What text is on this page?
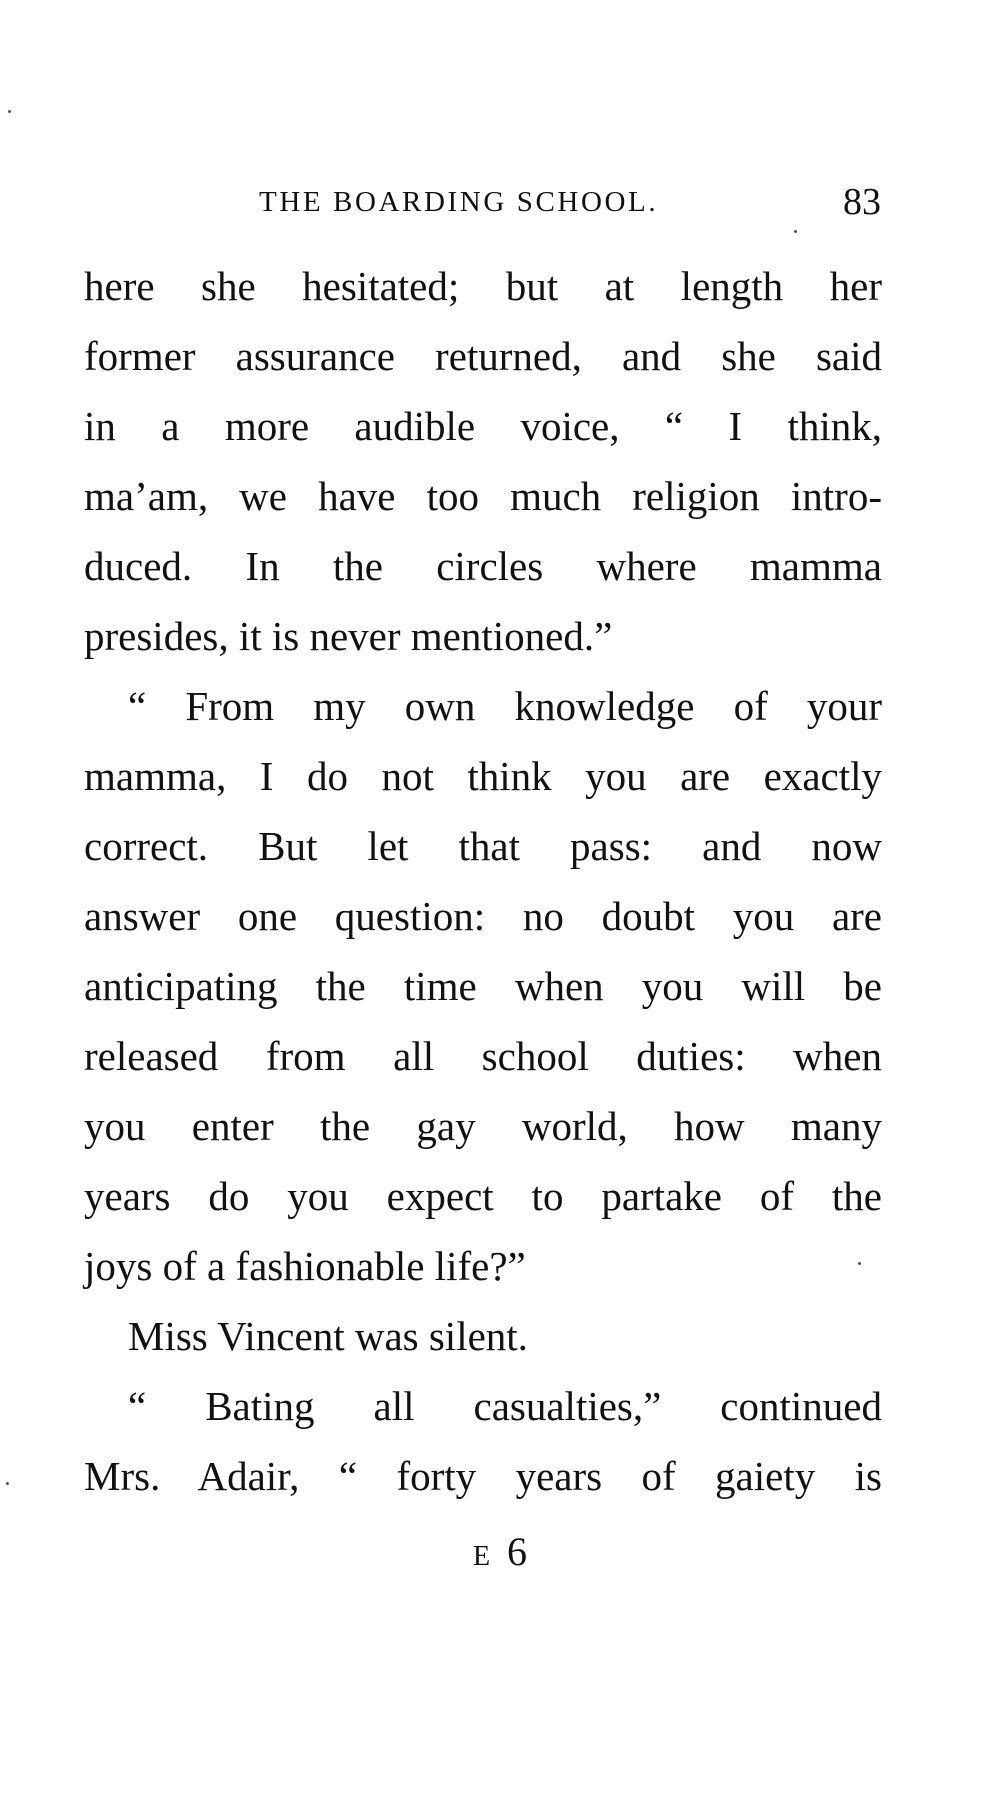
THE BOARDING SCHOOL.	83
here she hesitated; but at length her
former assurance returned, and she said
in a more audible voice, “ I think,
ma’am, we have too much religion intro-
duced. In the circles where mamma
presides, it is never mentioned.”
“ From my own knowledge of your
mamma, I do not think you are exactly
correct. But let that pass: and now
answer one question: no doubt you are
anticipating the time when you will be
released from all school duties: when
you enter the gay world, how many
years do you expect to partake of the
joys of a fashionable life?”
Miss Vincent was silent.
“ Bating all casualties,” continued
Mrs. Adair, “ forty years of gaiety is
E 6
